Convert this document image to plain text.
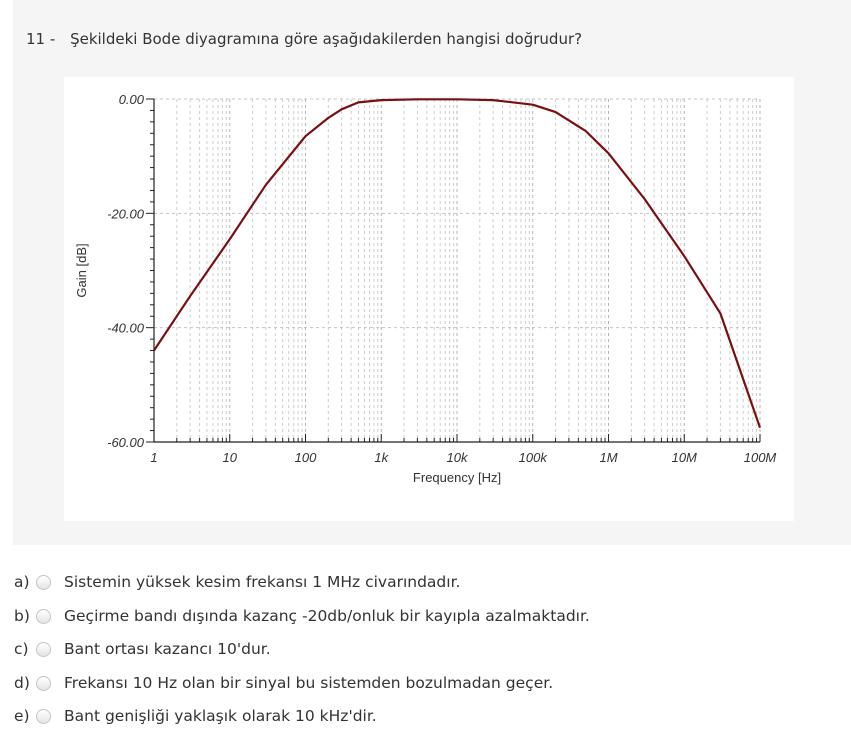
11 - Şekildeki Bode diyagramına göre aşağıdakilerden hangisi doğrudur?
0.00
-20.00
-40.00
-60.00
1	10	100	1k	10k	100k	1M	10M	100M
Frequency [Hz]
Gain [dB]
a)	Sistemin yüksek kesim frekansı 1 MHz civarındadır.
b)	Geçirme bandı dışında kazanç -20db/onluk bir kayıpla azalmaktadır.
c)	Bant ortası kazancı 10'dur.
d)	Frekansı 10 Hz olan bir sinyal bu sistemden bozulmadan geçer.
e)	Bant genişliği yaklaşık olarak 10 kHz'dir.
